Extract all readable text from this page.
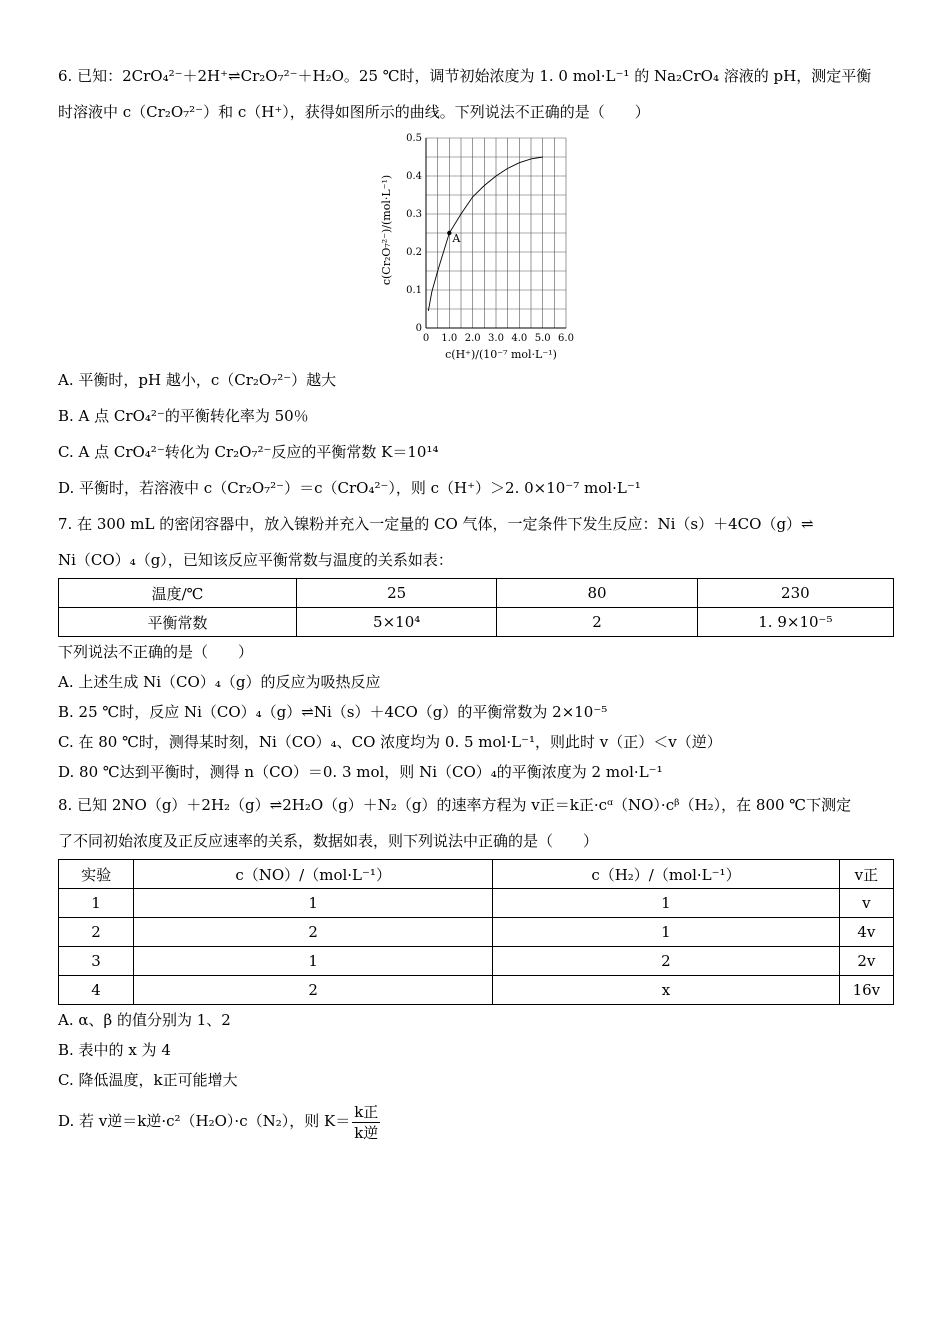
6. 已知：2CrO₄²⁻＋2H⁺⇌Cr₂O₇²⁻＋H₂O。25 ℃时，调节初始浓度为 1. 0 mol·L⁻¹ 的 Na₂CrO₄ 溶液的 pH，测定平衡
时溶液中 c（Cr₂O₇²⁻）和 c（H⁺），获得如图所示的曲线。下列说法不正确的是（　　）
0 1.0 2.0 3.0 4.0 5.0 6.0
0
0.1
0.2
0.3
0.4
0.5
A
c(Cr₂O₇²⁻)/(mol·L⁻¹)
c(H⁺)/(10⁻⁷ mol·L⁻¹)
A. 平衡时，pH 越小，c（Cr₂O₇²⁻）越大
B. A 点 CrO₄²⁻的平衡转化率为 50％
C. A 点 CrO₄²⁻转化为 Cr₂O₇²⁻反应的平衡常数 K＝10¹⁴
D. 平衡时，若溶液中 c（Cr₂O₇²⁻）＝c（CrO₄²⁻），则 c（H⁺）＞2. 0×10⁻⁷ mol·L⁻¹
7. 在 300 mL 的密闭容器中，放入镍粉并充入一定量的 CO 气体，一定条件下发生反应：Ni（s）＋4CO（g）⇌
Ni（CO）₄（g），已知该反应平衡常数与温度的关系如表：
温度/℃	25	80	230
平衡常数	5×10⁴	2	1. 9×10⁻⁵
下列说法不正确的是（　　）
A. 上述生成 Ni（CO）₄（g）的反应为吸热反应
B. 25 ℃时，反应 Ni（CO）₄（g）⇌Ni（s）＋4CO（g）的平衡常数为 2×10⁻⁵
C. 在 80 ℃时，测得某时刻，Ni（CO）₄、CO 浓度均为 0. 5 mol·L⁻¹，则此时 v（正）＜v（逆）
D. 80 ℃达到平衡时，测得 n（CO）＝0. 3 mol，则 Ni（CO）₄的平衡浓度为 2 mol·L⁻¹
8. 已知 2NO（g）＋2H₂（g）⇌2H₂O（g）＋N₂（g）的速率方程为 v正＝k正·cᵅ（NO）·cᵝ（H₂），在 800 ℃下测定
了不同初始浓度及正反应速率的关系，数据如表，则下列说法中正确的是（　　）
实验	c（NO）/（mol·L⁻¹）	c（H₂）/（mol·L⁻¹）	v正
1	1	1	v
2	2	1	4v
3	1	2	2v
4	2	x	16v
A. α、β 的值分别为 1、2
B. 表中的 x 为 4
C. 降低温度，k正可能增大
D. 若 v逆＝k逆·c²（H₂O）·c（N₂），则 $K= \frac{\text{k正}}{\text{k逆}}$
